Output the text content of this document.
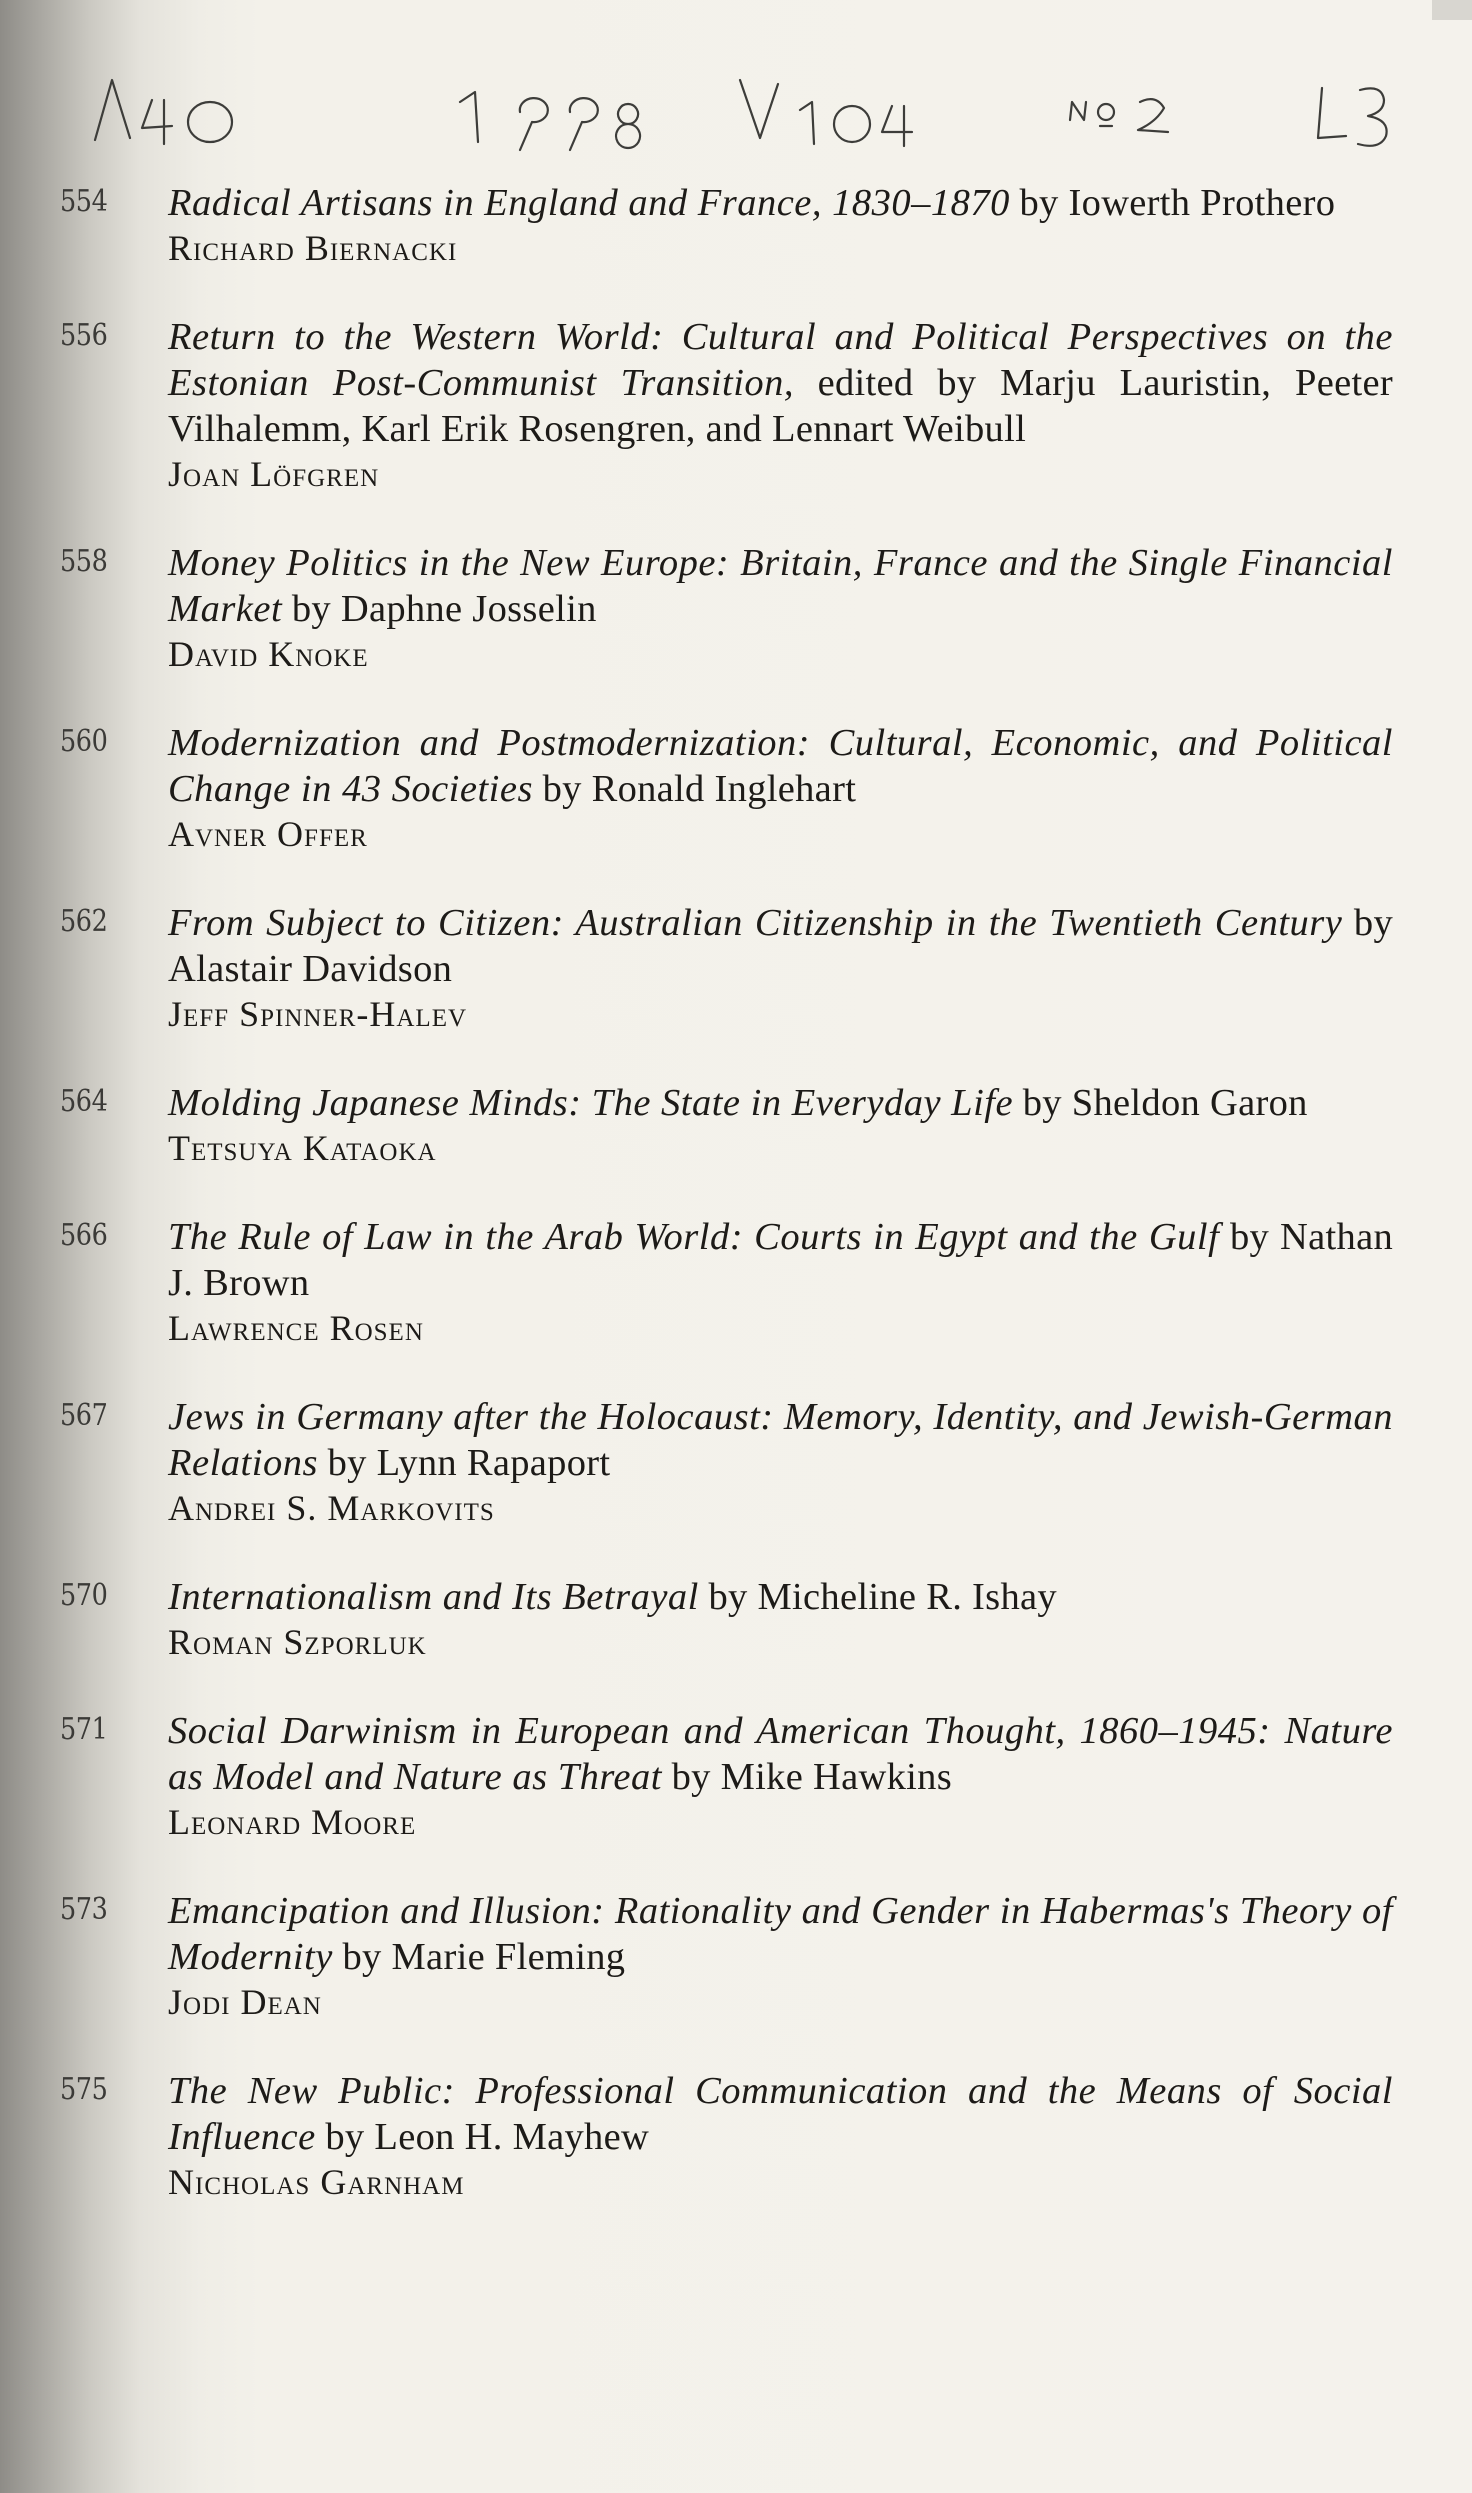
554	Radical Artisans in England and France, 1830–1870 by Iowerth Prothero
Richard Biernacki
556	Return to the Western World: Cultural and Political Perspectives on the Estonian Post-Communist Transition, edited by Marju Lauristin, Peeter Vilhalemm, Karl Erik Rosengren, and Lennart Weibull
Joan Löfgren
558	Money Politics in the New Europe: Britain, France and the Single Financial Market by Daphne Josselin
David Knoke
560	Modernization and Postmodernization: Cultural, Economic, and Political Change in 43 Societies by Ronald Inglehart
Avner Offer
562	From Subject to Citizen: Australian Citizenship in the Twentieth Century by Alastair Davidson
Jeff Spinner-Halev
564	Molding Japanese Minds: The State in Everyday Life by Sheldon Garon
Tetsuya Kataoka
566	The Rule of Law in the Arab World: Courts in Egypt and the Gulf by Nathan J. Brown
Lawrence Rosen
567	Jews in Germany after the Holocaust: Memory, Identity, and Jewish-German Relations by Lynn Rapaport
Andrei S. Markovits
570	Internationalism and Its Betrayal by Micheline R. Ishay
Roman Szporluk
571	Social Darwinism in European and American Thought, 1860–1945: Nature as Model and Nature as Threat by Mike Hawkins
Leonard Moore
573	Emancipation and Illusion: Rationality and Gender in Habermas's Theory of Modernity by Marie Fleming
Jodi Dean
575	The New Public: Professional Communication and the Means of Social Influence by Leon H. Mayhew
Nicholas Garnham
